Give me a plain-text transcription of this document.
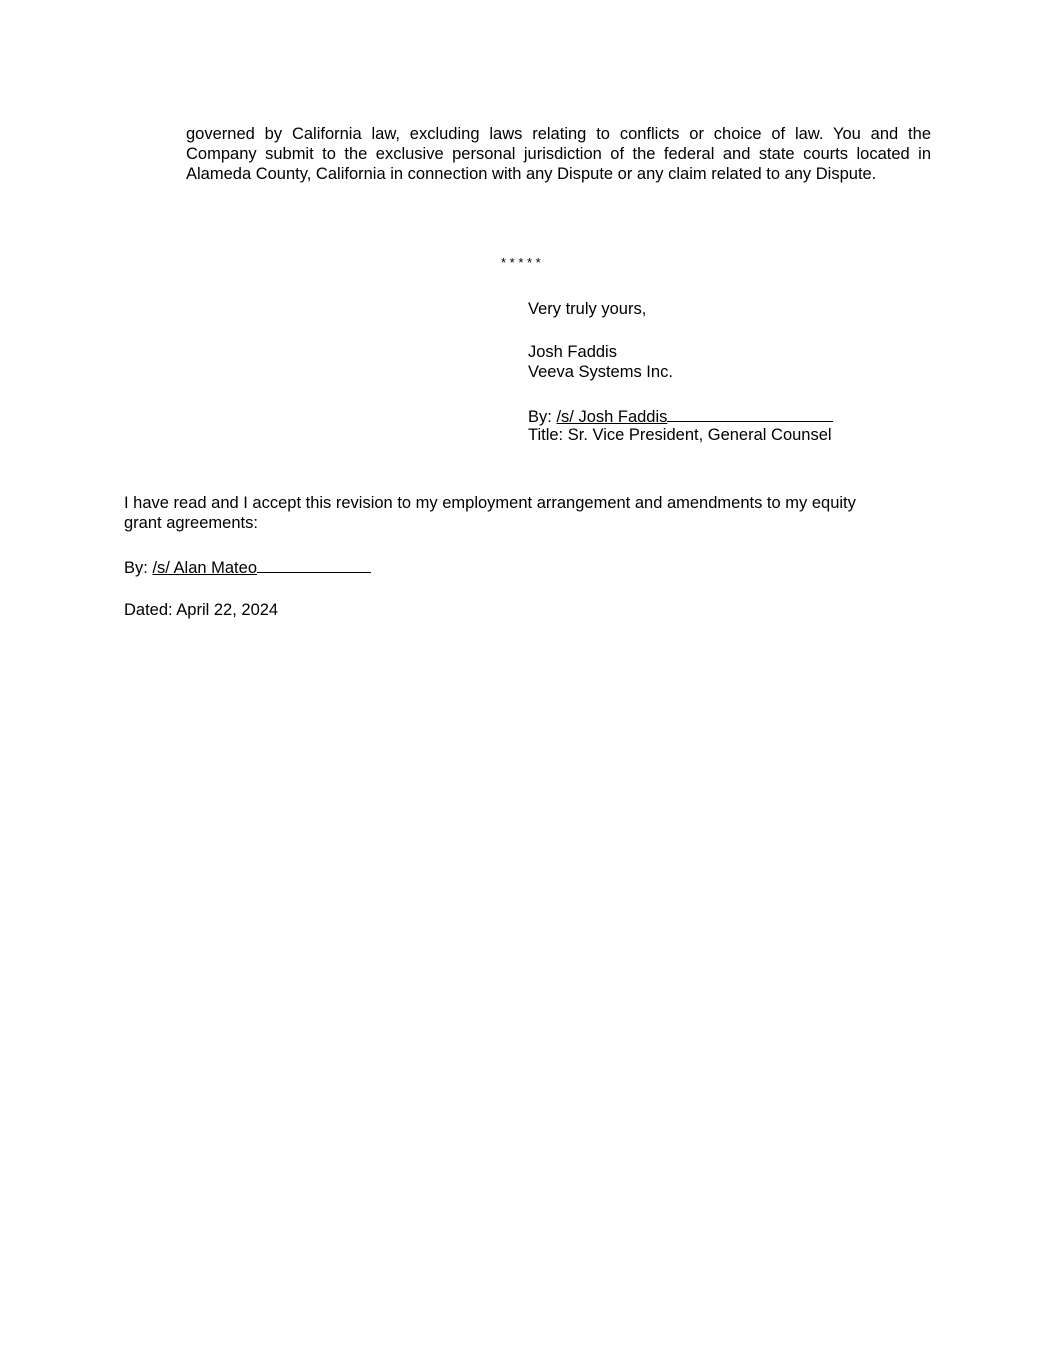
governed by California law, excluding laws relating to conflicts or choice of law. You and the
Company submit to the exclusive personal jurisdiction of the federal and state courts located in
Alameda County, California in connection with any Dispute or any claim related to any Dispute.
* * * * *
Very truly yours,
Josh Faddis
Veeva Systems Inc.
By: /s/ Josh Faddis
Title: Sr. Vice President, General Counsel
I have read and I accept this revision to my employment arrangement and amendments to my equity
grant agreements:
By: /s/ Alan Mateo
Dated: April 22, 2024
